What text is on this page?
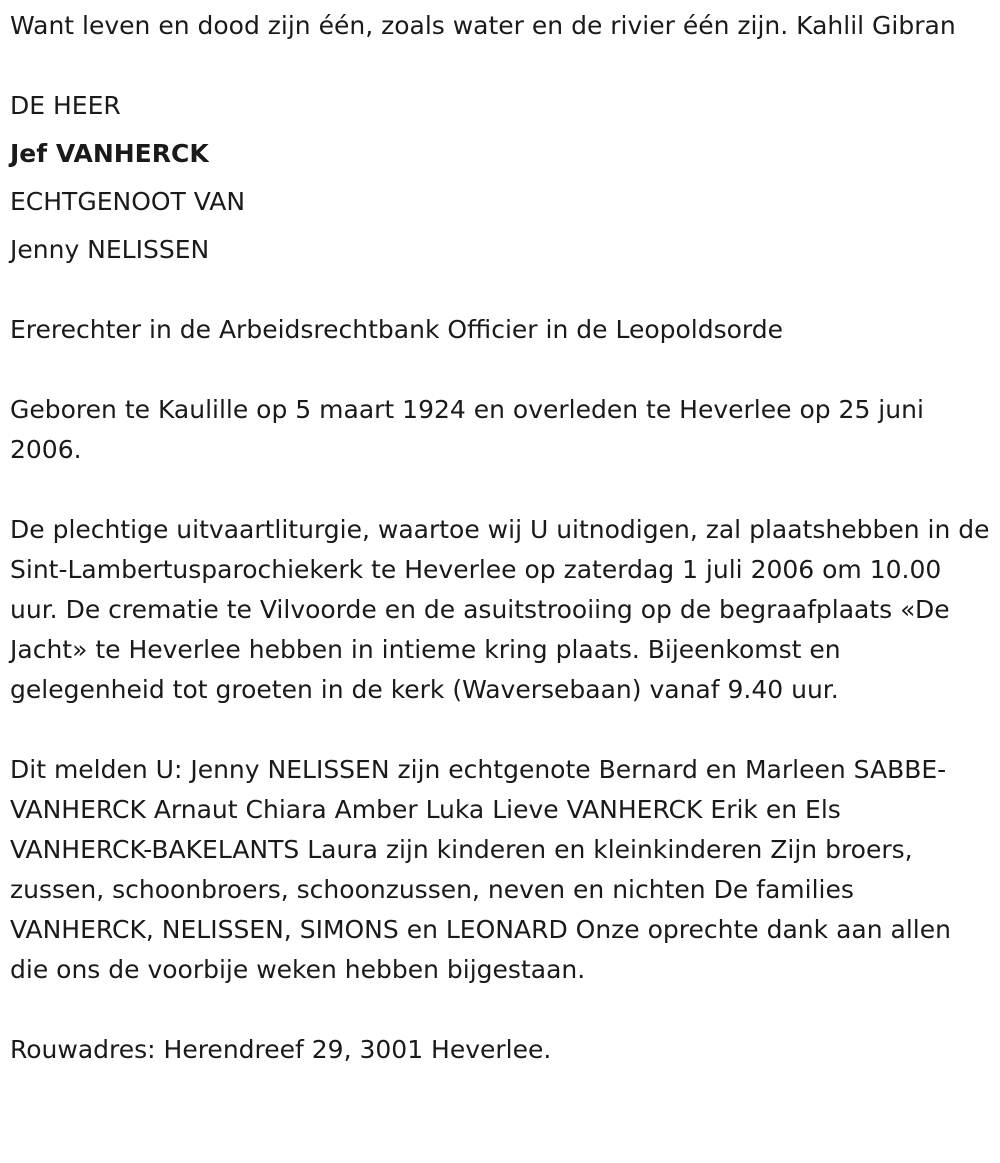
Want leven en dood zijn één, zoals water en de rivier één zijn. Kahlil Gibran

DE HEER

Jef VANHERCK

ECHTGENOOT VAN

Jenny NELISSEN

Ererechter in de Arbeidsrechtbank Officier in de Leopoldsorde

Geboren te Kaulille op 5 maart 1924 en overleden te Heverlee op 25 juni 2006.

De plechtige uitvaartliturgie, waartoe wij U uitnodigen, zal plaatshebben in de Sint-Lambertusparochiekerk te Heverlee op zaterdag 1 juli 2006 om 10.00 uur. De crematie te Vilvoorde en de asuitstrooiing op de begraafplaats «De Jacht» te Heverlee hebben in intieme kring plaats. Bijeenkomst en gelegenheid tot groeten in de kerk (Waversebaan) vanaf 9.40 uur.

Dit melden U: Jenny NELISSEN zijn echtgenote Bernard en Marleen SABBE-VANHERCK Arnaut Chiara Amber Luka Lieve VANHERCK Erik en Els VANHERCK-BAKELANTS Laura zijn kinderen en kleinkinderen Zijn broers, zussen, schoonbroers, schoonzussen, neven en nichten De families VANHERCK, NELISSEN, SIMONS en LEONARD Onze oprechte dank aan allen die ons de voorbije weken hebben bijgestaan.

Rouwadres: Herendreef 29, 3001 Heverlee.
